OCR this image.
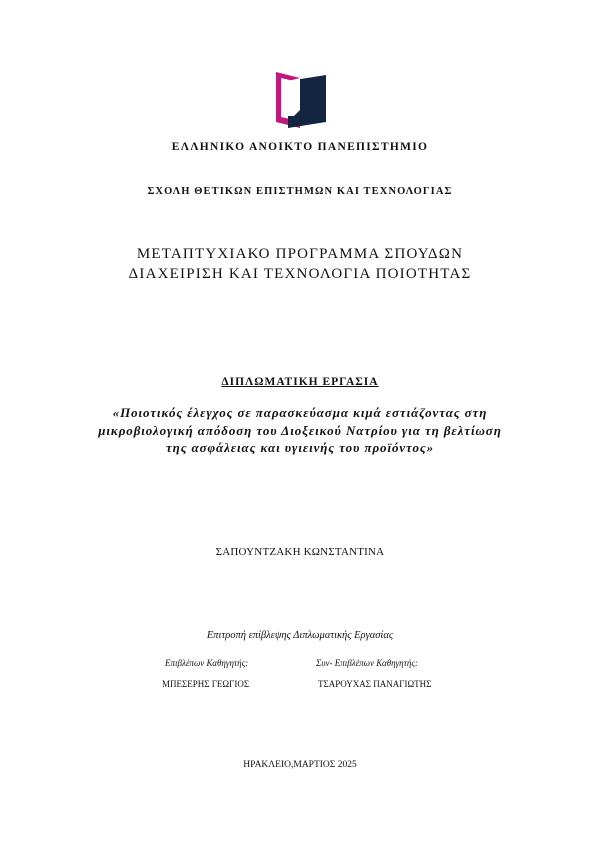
ΕΛΛΗΝΙΚΟ ΑΝΟΙΚΤΟ ΠΑΝΕΠΙΣΤΗΜΙΟ
ΣΧΟΛΗ ΘΕΤΙΚΩΝ ΕΠΙΣΤΗΜΩΝ ΚΑΙ ΤΕΧΝΟΛΟΓΙΑΣ
ΜΕΤΑΠΤΥΧΙΑΚΟ ΠΡΟΓΡΑΜΜΑ ΣΠΟΥΔΩΝ
ΔΙΑΧΕΙΡΙΣΗ ΚΑΙ ΤΕΧΝΟΛΟΓΙΑ ΠΟΙΟΤΗΤΑΣ
ΔΙΠΛΩΜΑΤΙΚΗ ΕΡΓΑΣΙΑ
«Ποιοτικός έλεγχος σε παρασκεύασμα κιμά εστιάζοντας στη
μικροβιολογική απόδοση του Διοξεικού Νατρίου για τη βελτίωση
της ασφάλειας και υγιεινής του προϊόντος»
ΣΑΠΟΥΝΤΖΑΚΗ ΚΩΝΣΤΑΝΤΙΝΑ
Επιτροπή επίβλεψης Διπλωματικής Εργασίας
Επιβλέπων Καθηγητής:	Συν- Επιβλέπων Καθηγητής:
ΜΠΕΣΕΡΗΣ ΓΕΩΓΙΟΣ	ΤΣΑΡΟΥΧΑΣ ΠΑΝΑΓΙΩΤΗΣ
ΗΡΑΚΛΕΙΟ,ΜΑΡΤΙΟΣ 2025
